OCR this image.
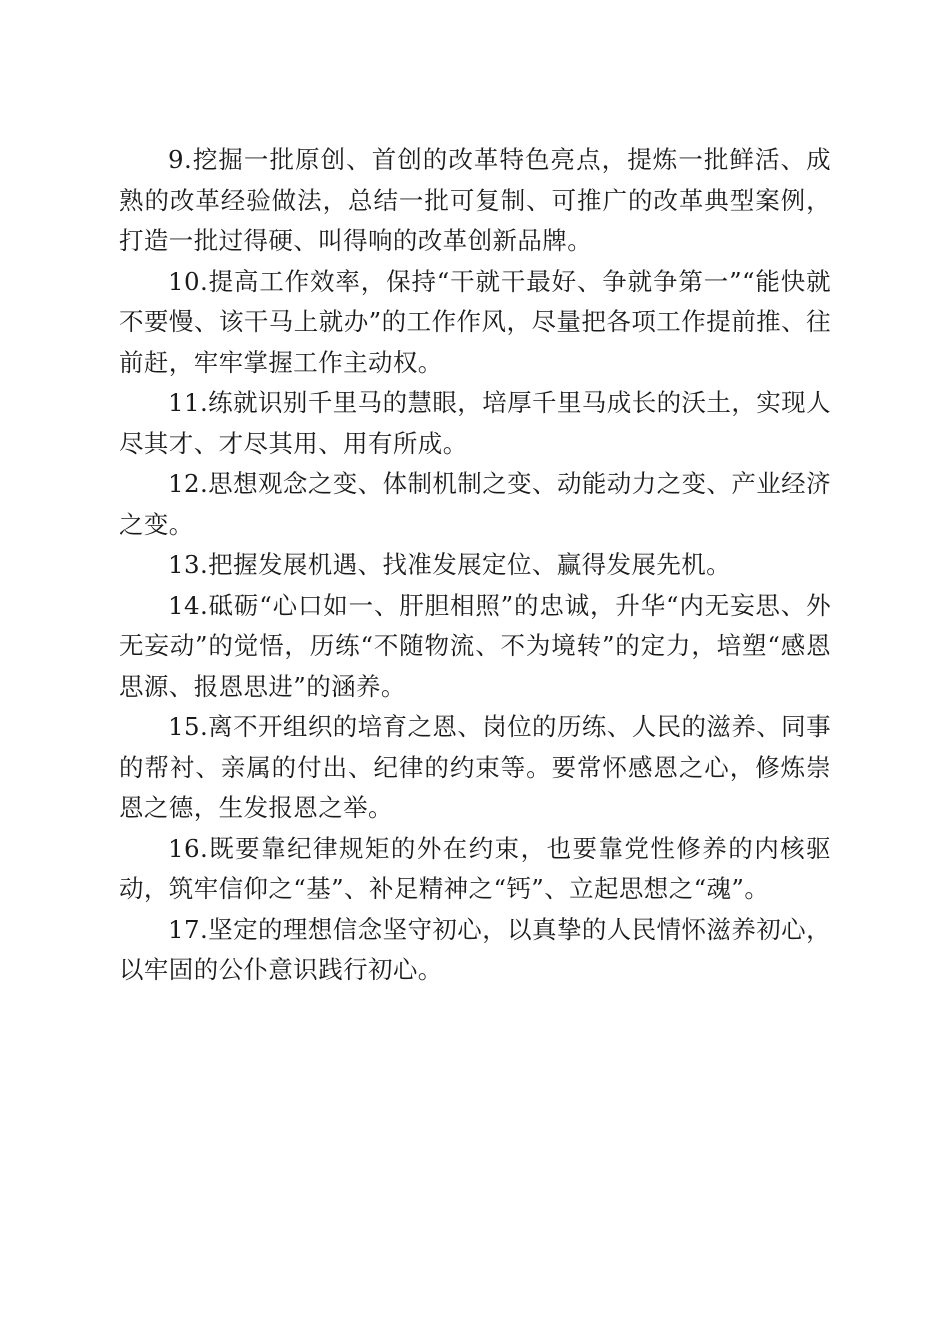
9.挖掘一批原创、首创的改革特色亮点，提炼一批鲜活、成熟的改革经验做法，总结一批可复制、可推广的改革典型案例，打造一批过得硬、叫得响的改革创新品牌。

10.提高工作效率，保持“干就干最好、争就争第一”“能快就不要慢、该干马上就办”的工作作风，尽量把各项工作提前推、往前赶，牢牢掌握工作主动权。

11.练就识别千里马的慧眼，培厚千里马成长的沃土，实现人尽其才、才尽其用、用有所成。

12.思想观念之变、体制机制之变、动能动力之变、产业经济之变。

13.把握发展机遇、找准发展定位、赢得发展先机。

14.砥砺“心口如一、肝胆相照”的忠诚，升华“内无妄思、外无妄动”的觉悟，历练“不随物流、不为境转”的定力，培塑“感恩思源、报恩思进”的涵养。

15.离不开组织的培育之恩、岗位的历练、人民的滋养、同事的帮衬、亲属的付出、纪律的约束等。要常怀感恩之心，修炼崇恩之德，生发报恩之举。

16.既要靠纪律规矩的外在约束，也要靠党性修养的内核驱动，筑牢信仰之“基”、补足精神之“钙”、立起思想之“魂”。

17.坚定的理想信念坚守初心，以真挚的人民情怀滋养初心，以牢固的公仆意识践行初心。
